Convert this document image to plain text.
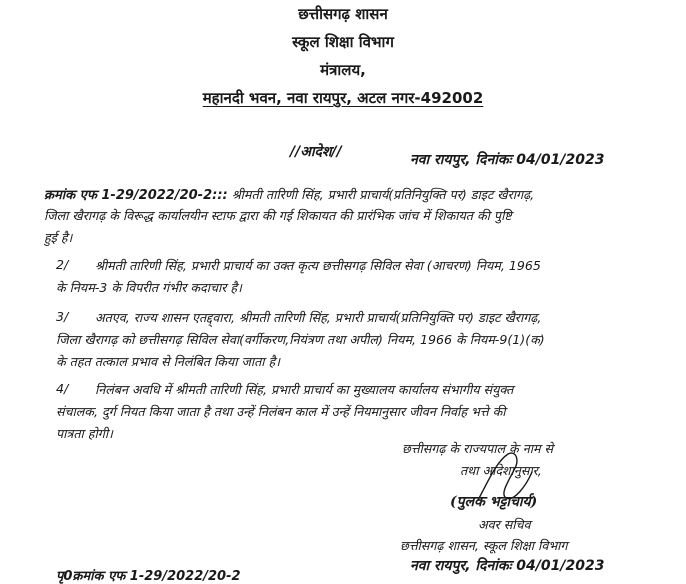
छत्तीसगढ़ शासन
स्कूल शिक्षा विभाग
मंत्रालय,
महानदी भवन, नवा रायपुर, अटल नगर-492002
//आदेश//	नवा रायपुर, दिनांकः 04/01/2023
क्रमांक एफ 1-29/2022/20-2::: श्रीमती तारिणी सिंह, प्रभारी प्राचार्य(प्रतिनियुक्ति पर) डाइट खैरागढ़,
जिला खैरागढ़ के विरूद्ध कार्यालयीन स्टाफ द्वारा की गई शिकायत की प्रारंभिक जांच में शिकायत की पुष्टि
हुई है।
2/ श्रीमती तारिणी सिंह, प्रभारी प्राचार्य का उक्त कृत्य छत्तीसगढ़ सिविल सेवा (आचरण) नियम, 1965
के नियम-3 के विपरीत गंभीर कदाचार है।
3/ अतएव, राज्य शासन एतद्द्वारा, श्रीमती तारिणी सिंह, प्रभारी प्राचार्य(प्रतिनियुक्ति पर) डाइट खैरागढ़,
जिला खैरागढ़ को छत्तीसगढ़ सिविल सेवा(वर्गीकरण,नियंत्रण तथा अपील) नियम, 1966 के नियम-9(1)(क)
के तहत तत्काल प्रभाव से निलंबित किया जाता है।
4/ निलंबन अवधि में श्रीमती तारिणी सिंह, प्रभारी प्राचार्य का मुख्यालय कार्यालय संभागीय संयुक्त
संचालक, दुर्ग नियत किया जाता है तथा उन्हें निलंबन काल में उन्हें नियमानुसार जीवन निर्वाह भत्ते की
पात्रता होगी।
छत्तीसगढ़ के राज्यपाल के नाम से
तथा आदेशानुसार,
(पुलक भट्टाचार्य)
अवर सचिव
छत्तीसगढ़ शासन, स्कूल शिक्षा विभाग
नवा रायपुर, दिनांकः 04/01/2023
पृ0क्रमांक एफ 1-29/2022/20-2
